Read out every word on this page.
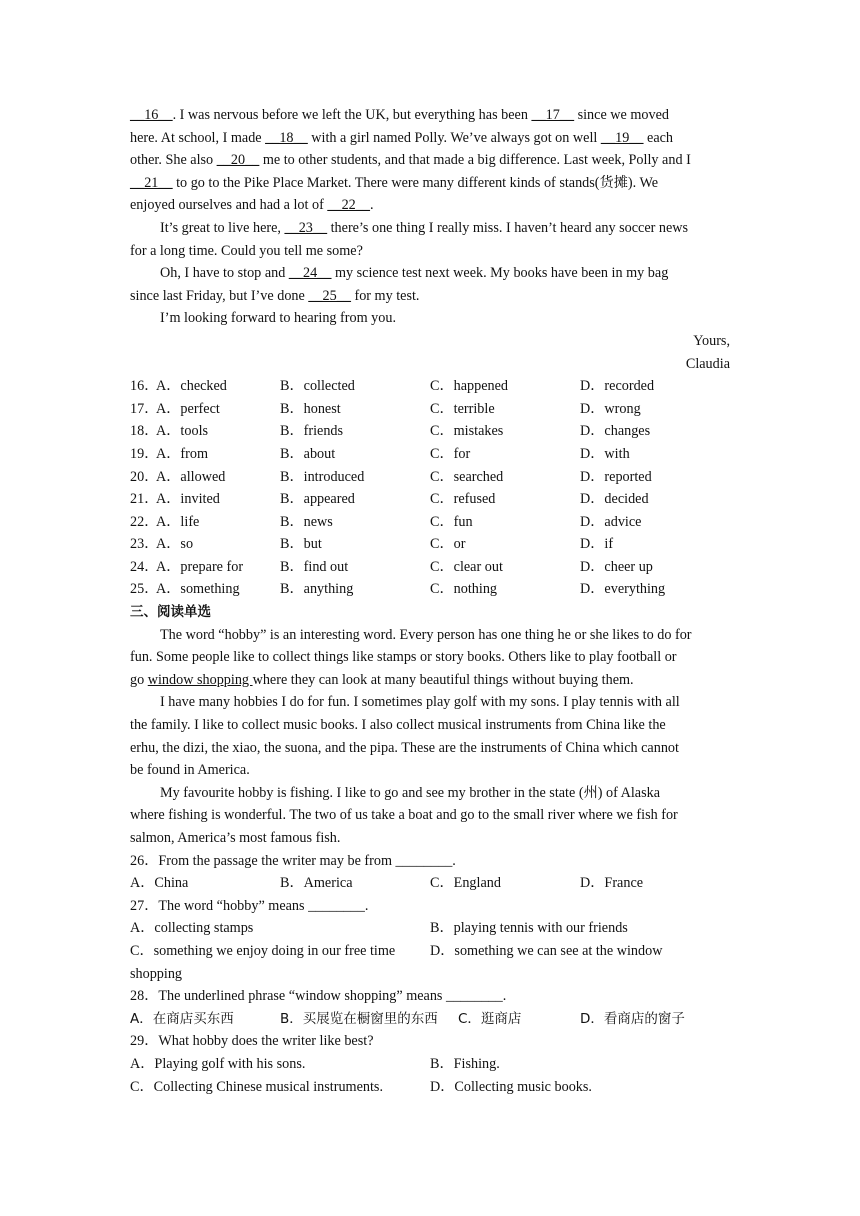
__16__. I was nervous before we left the UK, but everything has been __17__ since we moved
here. At school, I made __18__ with a girl named Polly. We’ve always got on well __19__ each
other. She also __20__ me to other students, and that made a big difference. Last week, Polly and I
__21__ to go to the Pike Place Market. There were many different kinds of stands(货摊). We
enjoyed ourselves and had a lot of __22__.
It’s great to live here, __23__ there’s one thing I really miss. I haven’t heard any soccer news
for a long time. Could you tell me some?
Oh, I have to stop and __24__ my science test next week. My books have been in my bag
since last Friday, but I’ve done __25__ for my test.
I’m looking forward to hearing from you.
Yours,
Claudia
16．
A．checked	B．collected	C．happened	D．recorded
17．
A．perfect	B．honest	C．terrible	D．wrong
18．
A．tools	B．friends	C．mistakes	D．changes
19．
A．from	B．about	C．for	D．with
20．
A．allowed	B．introduced	C．searched	D．reported
21．
A．invited	B．appeared	C．refused	D．decided
22．
A．life	B．news	C．fun	D．advice
23．
A．so	B．but	C．or	D．if
24．
A．prepare for	B．find out	C．clear out	D．cheer up
25．
A．something	B．anything	C．nothing	D．everything
三、阅读单选
The word “hobby” is an interesting word. Every person has one thing he or she likes to do for
fun. Some people like to collect things like stamps or story books. Others like to play football or
go window shopping where they can look at many beautiful things without buying them.
I have many hobbies I do for fun. I sometimes play golf with my sons. I play tennis with all
the family. I like to collect music books. I also collect musical instruments from China like the
erhu, the dizi, the xiao, the suona, and the pipa. These are the instruments of China which cannot
be found in America.
My favourite hobby is fishing. I like to go and see my brother in the state (州) of Alaska
where fishing is wonderful. The two of us take a boat and go to the small river where we fish for
salmon, America’s most famous fish.
26．From the passage the writer may be from ________.
A．China	B．America	C．England	D．France
27．The word “hobby” means ________.
A．collecting stamps	B．playing tennis with our friends
C．something we enjoy doing in our free time D．something we can see at the window
shopping
28．The underlined phrase “window shopping” means ________.
A．在商店买东西	B．买展览在橱窗里的东西 C．逛商店	D．看商店的窗子
29．What hobby does the writer like best?
A．Playing golf with his sons.	B．Fishing.
C．Collecting Chinese musical instruments.	D．Collecting music books.
